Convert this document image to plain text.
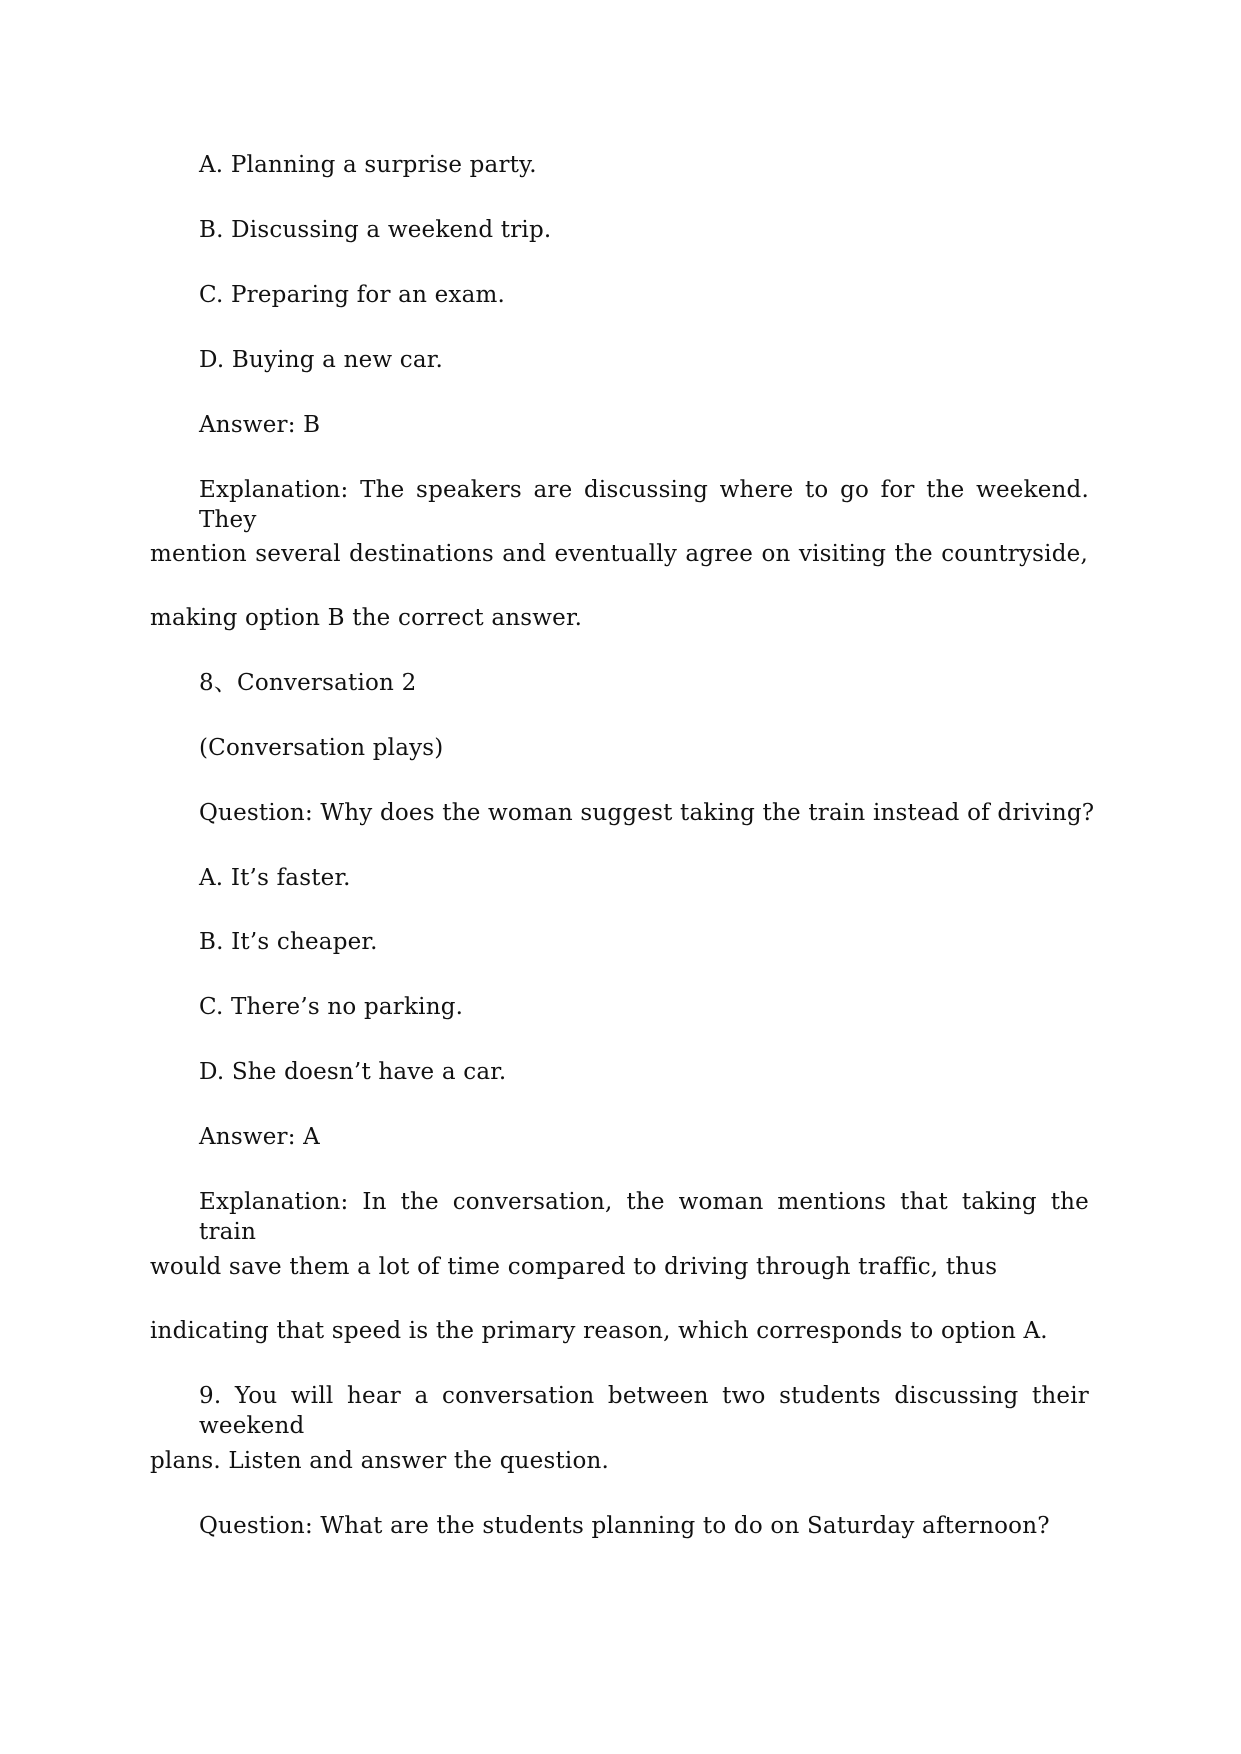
A. Planning a surprise party.
B. Discussing a weekend trip.
C. Preparing for an exam.
D. Buying a new car.
Answer: B
Explanation: The speakers are discussing where to go for the weekend. They
mention several destinations and eventually agree on visiting the countryside,
making option B the correct answer.
8、Conversation 2
(Conversation plays)
Question: Why does the woman suggest taking the train instead of driving?
A. It’s faster.
B. It’s cheaper.
C. There’s no parking.
D. She doesn’t have a car.
Answer: A
Explanation: In the conversation, the woman mentions that taking the train
would save them a lot of time compared to driving through traffic, thus
indicating that speed is the primary reason, which corresponds to option A.
9. You will hear a conversation between two students discussing their weekend
plans. Listen and answer the question.
Question: What are the students planning to do on Saturday afternoon?
